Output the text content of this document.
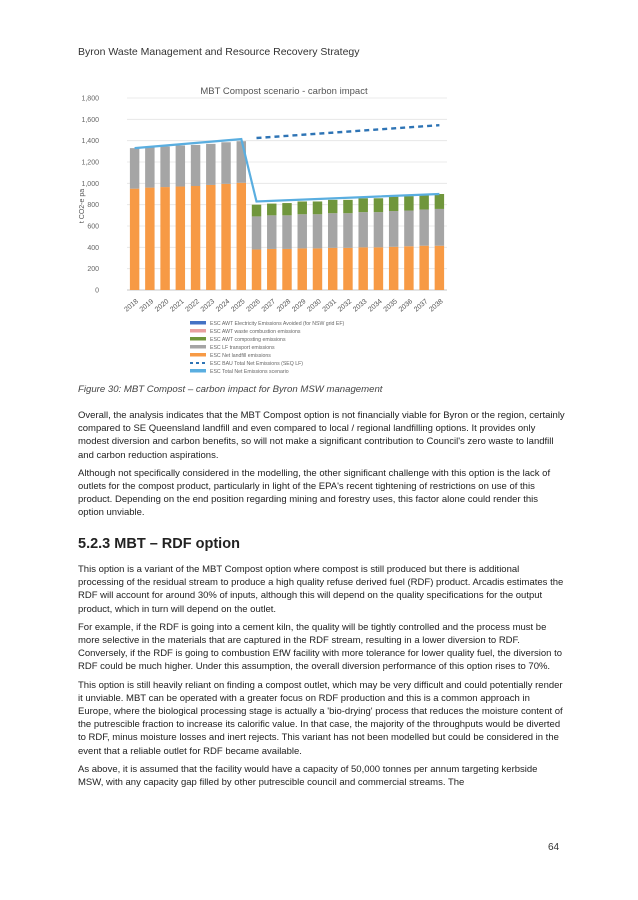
Byron Waste Management and Resource Recovery Strategy
MBT Compost scenario - carbon impact
t CO2-e pa
0
200
400
600
800
1,000
1,200
1,400
1,600
1,800
2018
2019
2020
2021
2022
2023
2024
2025
2026
2027
2028
2029
2030
2031
2032
2033
2034
2035
2036
2037
2038
ESC AWT Electricity Emissions Avoided (for NSW grid EF)
ESC AWT waste combustion emissions
ESC AWT composting emissions
ESC LF transport emissions
ESC Net landfill emissions
ESC BAU Total Net Emissions (SEQ LF)
ESC Total Net Emissions scenario
Figure 30: MBT Compost – carbon impact for Byron MSW management

Overall, the analysis indicates that the MBT Compost option is not financially viable for Byron or the region, certainly compared to SE Queensland landfill and even compared to local / regional landfilling options. It provides only modest diversion and carbon benefits, so will not make a significant contribution to Council's zero waste to landfill and carbon reduction aspirations.

Although not specifically considered in the modelling, the other significant challenge with this option is the lack of outlets for the compost product, particularly in light of the EPA's recent tightening of restrictions on use of this product. Depending on the end position regarding mining and forestry uses, this factor alone could render this option unviable.

5.2.3 MBT – RDF option

This option is a variant of the MBT Compost option where compost is still produced but there is additional processing of the residual stream to produce a high quality refuse derived fuel (RDF) product. Arcadis estimates the RDF will account for around 30% of inputs, although this will depend on the quality specifications for the output product, which in turn will depend on the outlet.

For example, if the RDF is going into a cement kiln, the quality will be tightly controlled and the process must be more selective in the materials that are captured in the RDF stream, resulting in a lower diversion to RDF. Conversely, if the RDF is going to combustion EfW facility with more tolerance for lower quality fuel, the diversion to RDF could be much higher. Under this assumption, the overall diversion performance of this option rises to 70%.

This option is still heavily reliant on finding a compost outlet, which may be very difficult and could potentially render it unviable. MBT can be operated with a greater focus on RDF production and this is a common approach in Europe, where the biological processing stage is actually a 'bio-drying' process that reduces the moisture content of the putrescible fraction to increase its calorific value. In that case, the majority of the throughputs would be diverted to RDF, minus moisture losses and inert rejects. This variant has not been modelled but could be considered in the event that a reliable outlet for RDF became available.

As above, it is assumed that the facility would have a capacity of 50,000 tonnes per annum targeting kerbside MSW, with any capacity gap filled by other putrescible council and commercial streams. The

64
